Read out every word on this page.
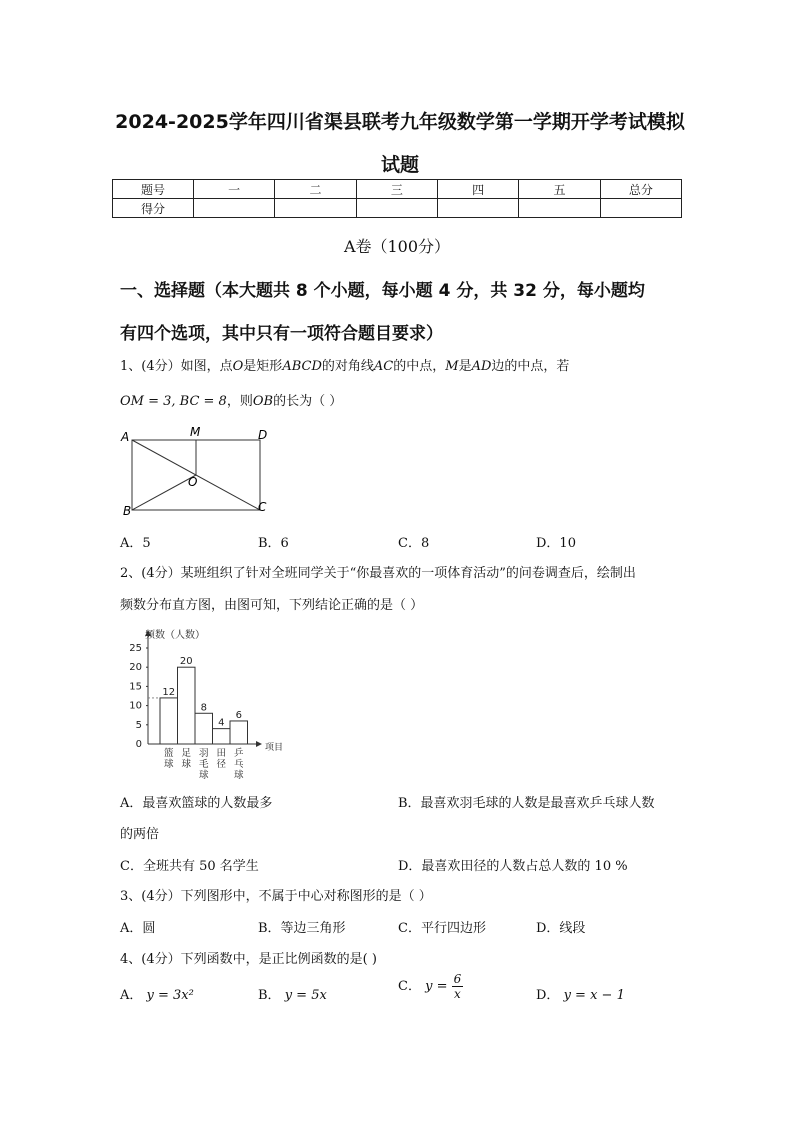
2024-2025学年四川省渠县联考九年级数学第一学期开学考试模拟
试题
题号	一	二	三	四	五	总分
得分						
A卷（100分）
一、选择题（本大题共 8 个小题，每小题 4 分，共 32 分，每小题均
有四个选项，其中只有一项符合题目要求）
1、(4分）如图，点O是矩形ABCD的对角线AC的中点，M是AD边的中点，若
OM = 3, BC = 8，则OB的长为（ ）
A	M	D
O
B	C
A．5	B．6	C．8	D．10
2、(4分）某班组织了针对全班同学关于“你最喜欢的一项体育活动”的问卷调查后，绘制出
频数分布直方图，由图可知，下列结论正确的是（ ）
频数（人数）
项目
0
5
10
15
20
25
12
篮
球
20
足
球
8
羽
毛
球
4
田
径
6
乒
乓
球
A．最喜欢篮球的人数最多	B．最喜欢羽毛球的人数是最喜欢乒乓球人数
的两倍
C．全班共有 50 名学生	D．最喜欢田径的人数占总人数的 10 %
3、(4分）下列图形中，不属于中心对称图形的是（ ）
A．圆	B．等边三角形	C．平行四边形	D．线段
4、(4分）下列函数中，是正比例函数的是( )
A． y = 3x²	B． y = 5x
C． $y = \frac{6}{x}$	D． y = x − 1
